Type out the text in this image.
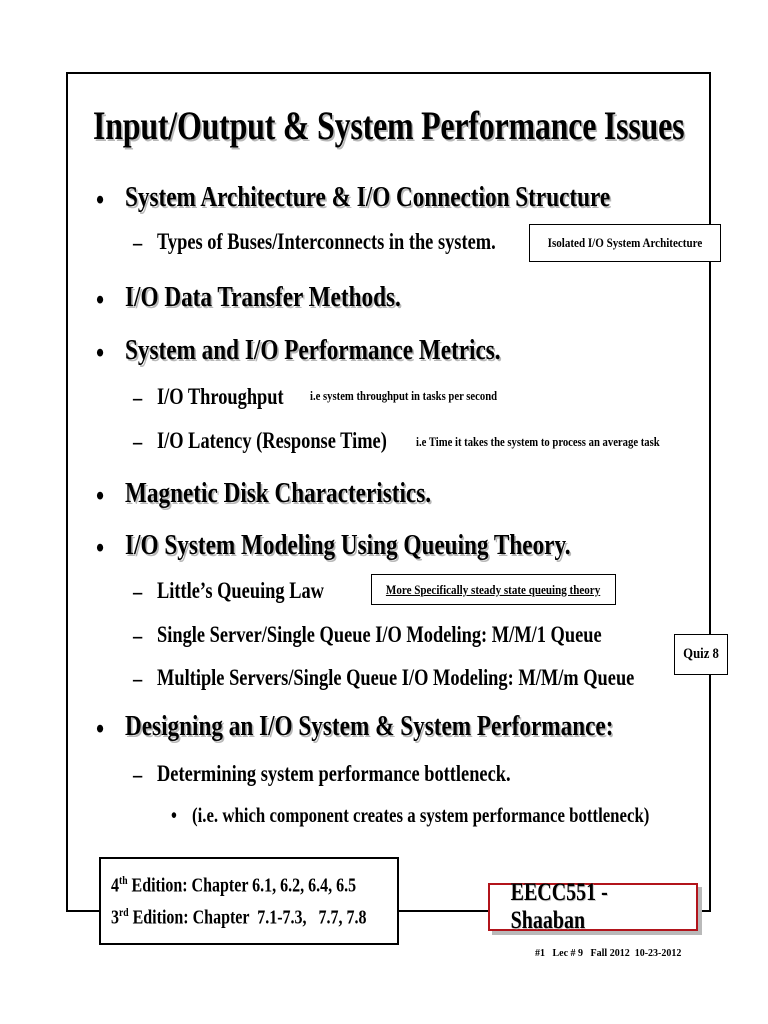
Input/Output & System Performance Issues
• System Architecture & I/O Connection Structure
– Types of Buses/Interconnects in the system.	Isolated I/O System Architecture
• I/O Data Transfer Methods.
• System and I/O Performance Metrics.
– I/O Throughput i.e system throughput in tasks per second
– I/O Latency (Response Time) i.e Time it takes the system to process an average task
• Magnetic Disk Characteristics.
• I/O System Modeling Using Queuing Theory.
– Little’s Queuing Law	More Specifically steady state queuing theory
– Single Server/Single Queue I/O Modeling: M/M/1 Queue
– Multiple Servers/Single Queue I/O Modeling: M/M/m Queue
Quiz 8
• Designing an I/O System & System Performance:
– Determining system performance bottleneck.
• (i.e. which component creates a system performance bottleneck)
4th Edition: Chapter 6.1, 6.2, 6.4, 6.5
3rd Edition: Chapter  7.1-7.3,   7.7, 7.8
EECC551 - Shaaban
#1   Lec # 9   Fall 2012  10-23-2012
